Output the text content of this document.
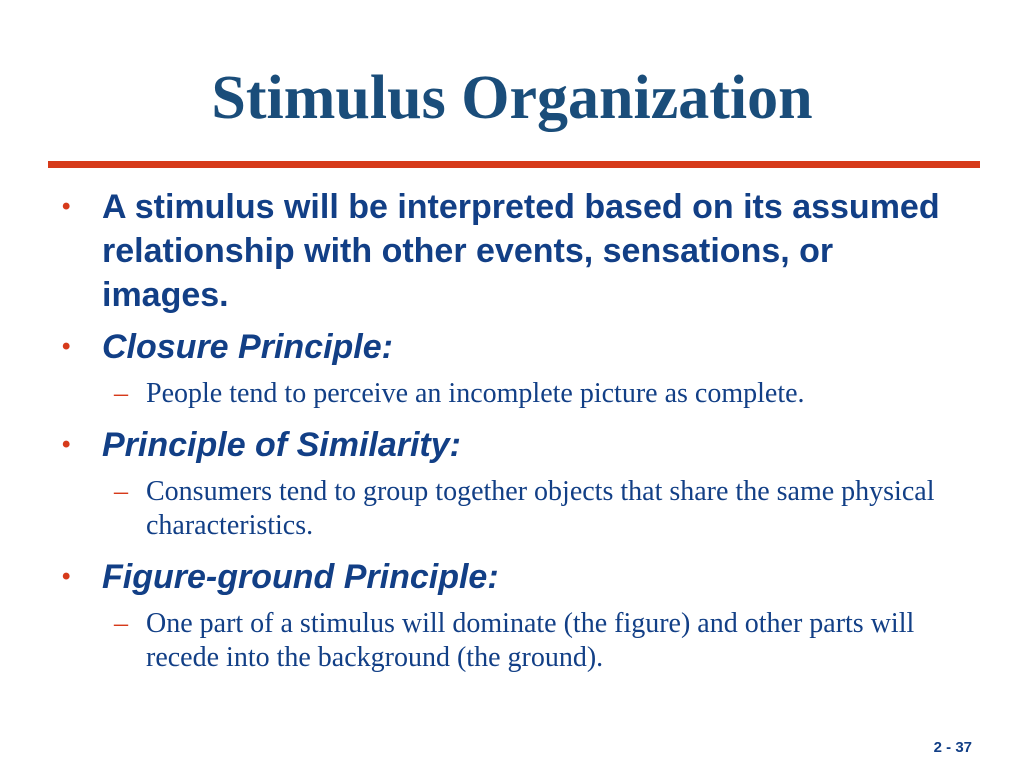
Stimulus Organization
• A stimulus will be interpreted based on its assumed relationship with other events, sensations, or images.
• Closure Principle:
– People tend to perceive an incomplete picture as complete.
• Principle of Similarity:
– Consumers tend to group together objects that share the same physical characteristics.
• Figure-ground Principle:
– One part of a stimulus will dominate (the figure) and other parts will recede into the background (the ground).
2 - 37
